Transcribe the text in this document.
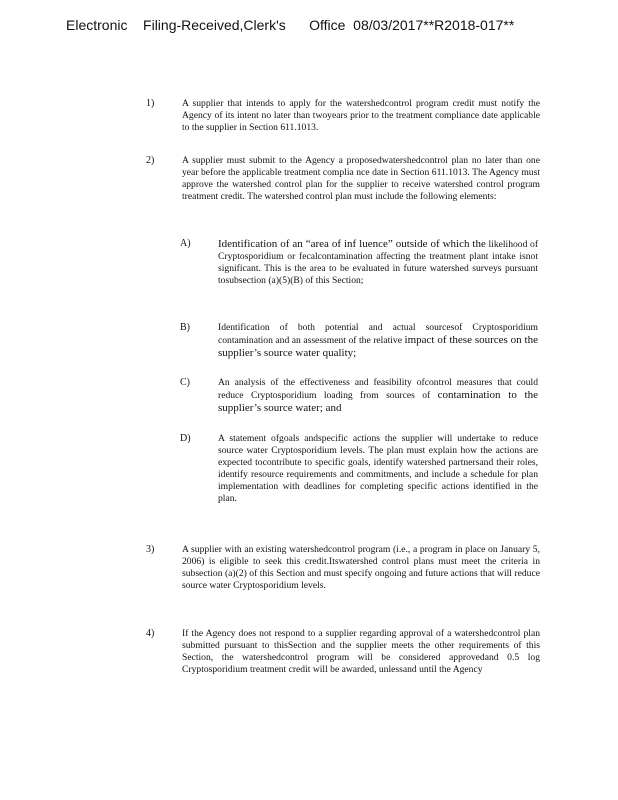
Electronic    Filing-Received,Clerk's      Office  08/03/2017**R2018-017**
1)	A supplier that intends to apply for the watershedcontrol program credit must notify the Agency of its intent no later than twoyears prior to the treatment compliance date applicable to the supplier in Section 611.1013.
2)	A supplier must submit to the Agency a proposedwatershedcontrol plan no later than one year before the applicable treatment complia nce date in Section 611.1013. The Agency must approve the watershed control plan for the supplier to receive watershed control program treatment credit. The watershed control plan must include the following elements:
A) Identification of an “area of inf luence” outside of which the likelihood of Cryptosporidium or fecalcontamination affecting the treatment plant intake isnot significant. This is the area to be evaluated in future watershed surveys pursuant tosubsection (a)(5)(B) of this Section;
B)	Identification of both potential and actual sourcesof Cryptosporidium contamination and an assessment of the relative impact of these sources on the supplier’s source water quality;
C)	An analysis of the effectiveness and feasibility ofcontrol measures that could reduce Cryptosporidium loading from sources of contamination to the supplier’s source water; and
D)	A statement ofgoals andspecific actions the supplier will undertake to reduce source water Cryptosporidium levels. The plan must explain how the actions are expected tocontribute to specific goals, identify watershed partnersand their roles, identify resource requirements and commitments, and include a schedule for plan implementation with deadlines for completing specific actions identified in the plan.
3)	A supplier with an existing watershedcontrol program (i.e., a program in place on January 5, 2006) is eligible to seek this credit.Itswatershed control plans must meet the criteria in subsection (a)(2) of this Section and must specify ongoing and future actions that will reduce source water Cryptosporidium levels.
4)	If the Agency does not respond to a supplier regarding approval of a watershedcontrol plan submitted pursuant to thisSection and the supplier meets the other requirements of this Section, the watershedcontrol program will be considered approvedand 0.5 log Cryptosporidium treatment credit will be awarded, unlessand until the Agency
